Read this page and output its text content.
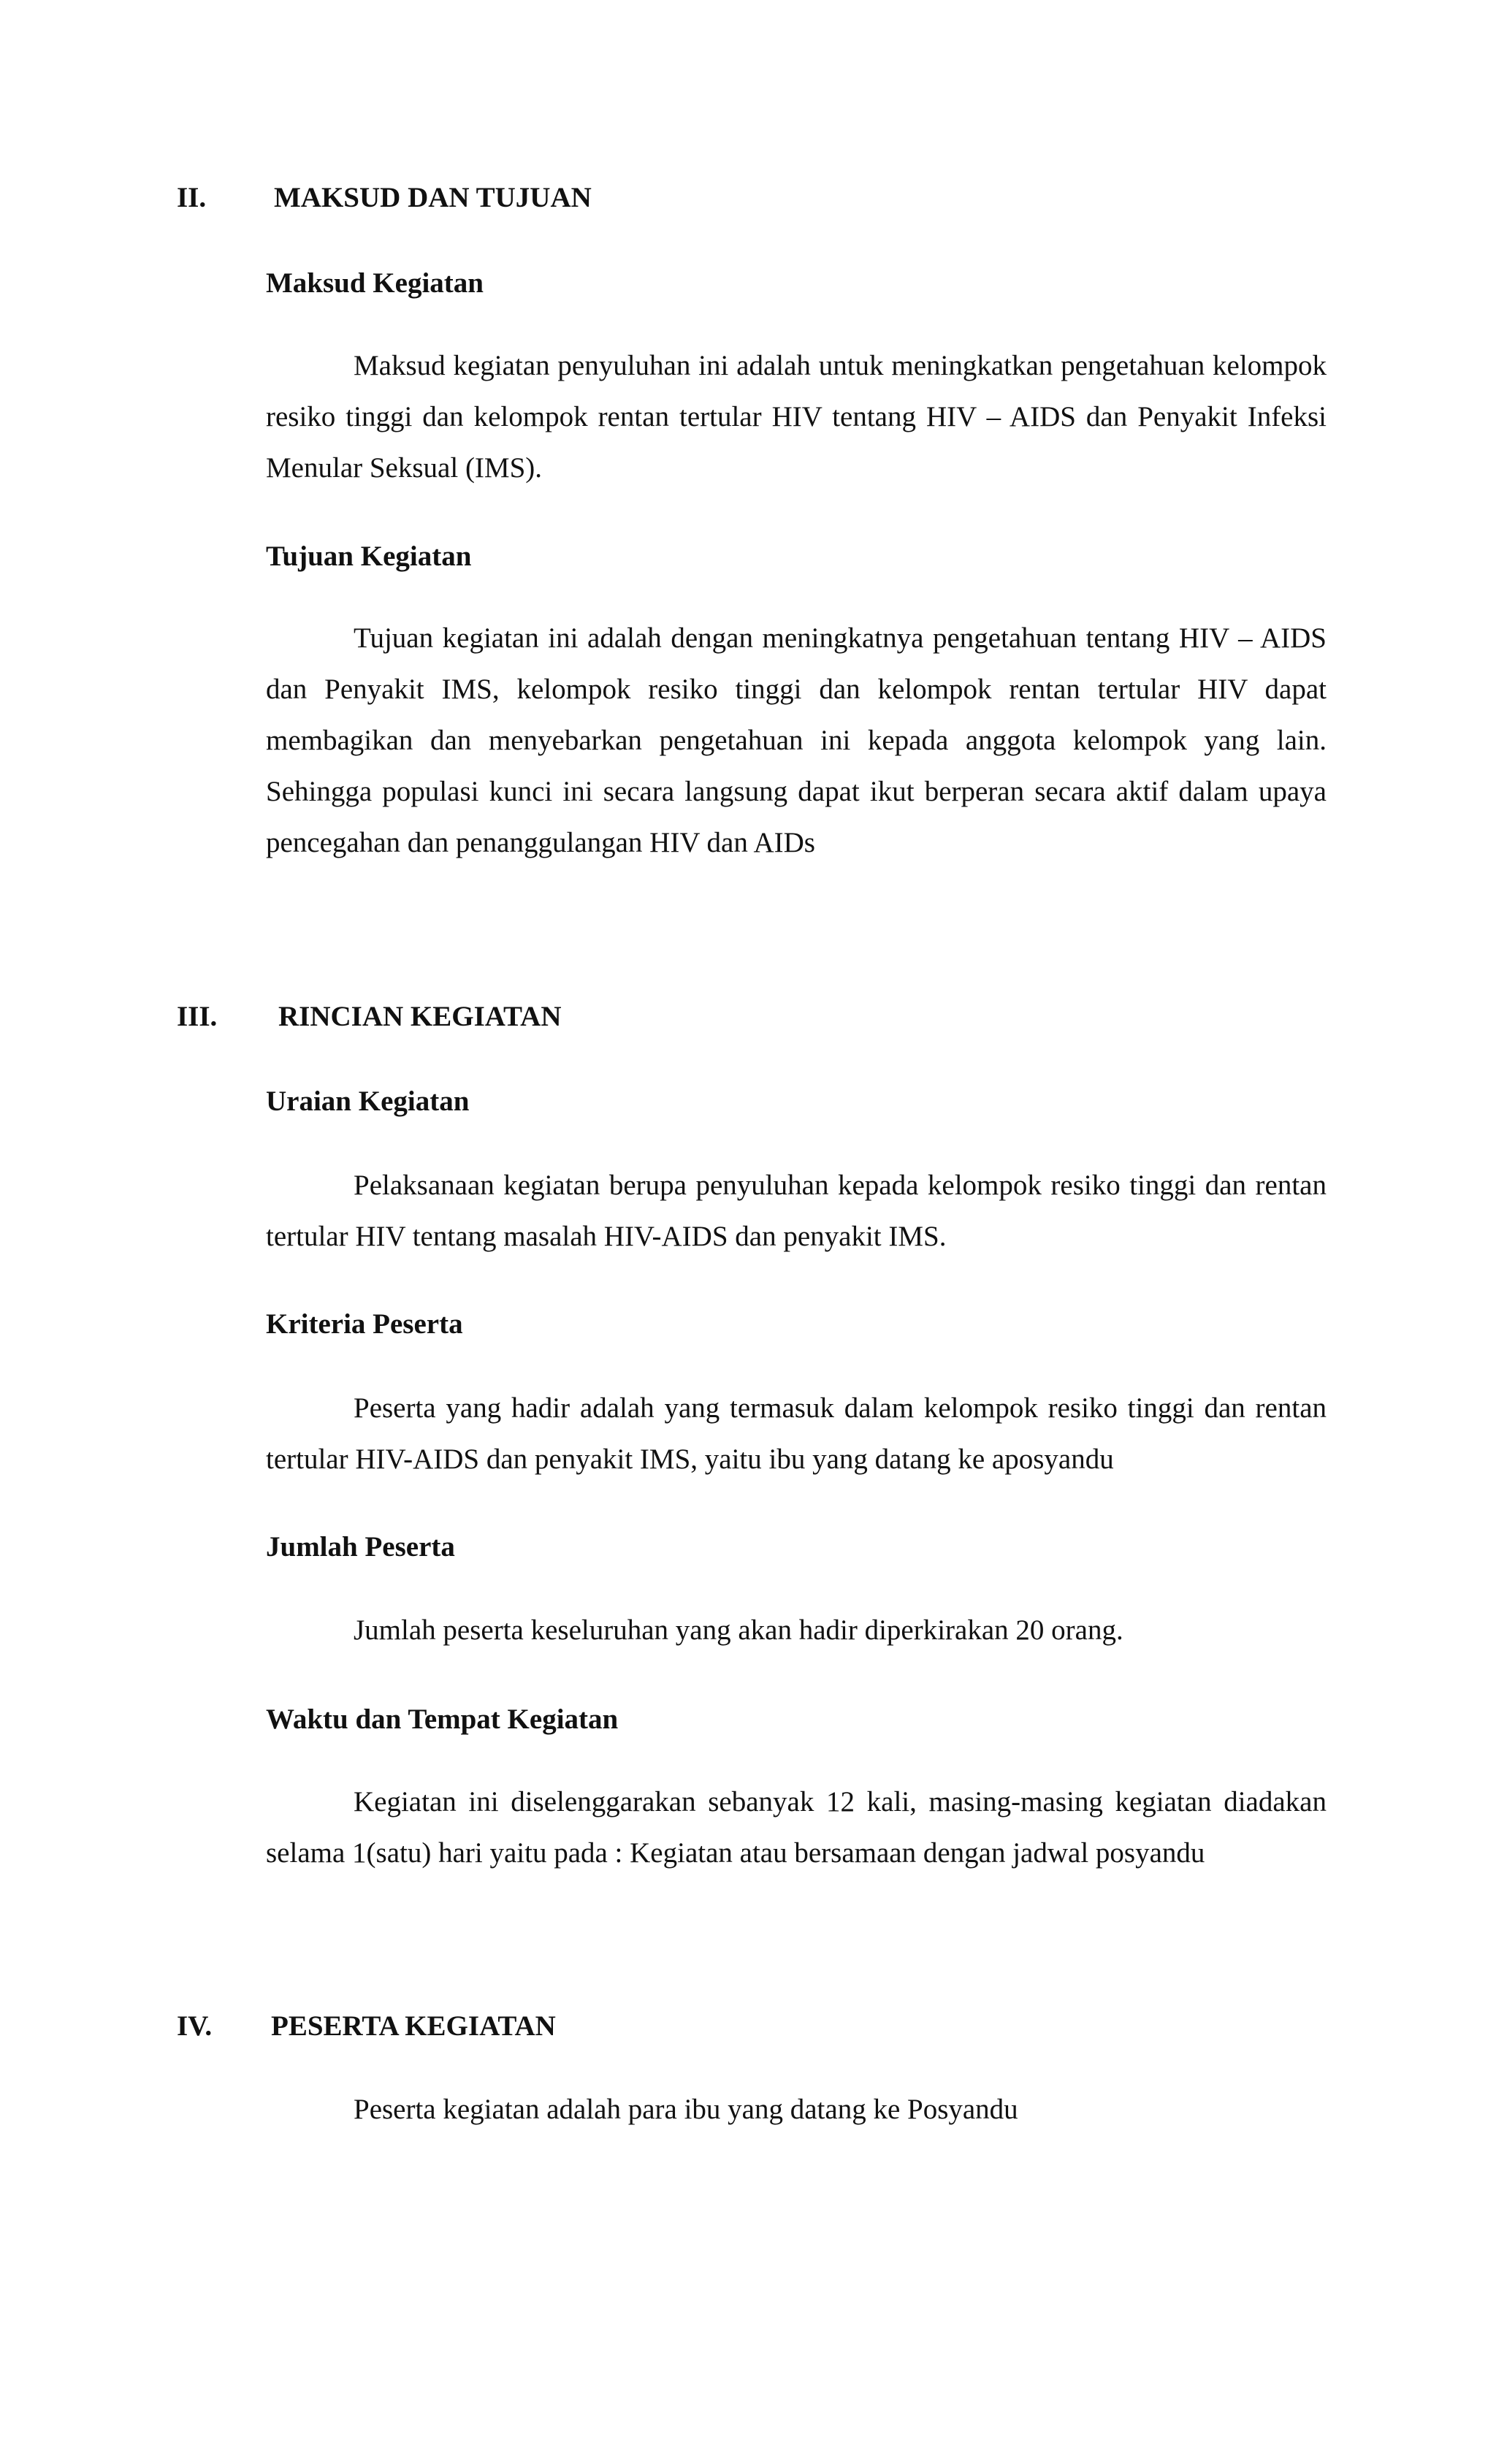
II. MAKSUD DAN TUJUAN
Maksud Kegiatan

Maksud kegiatan penyuluhan ini adalah untuk meningkatkan pengetahuan kelompok resiko tinggi dan kelompok rentan tertular HIV tentang HIV – AIDS dan Penyakit Infeksi Menular Seksual (IMS).

Tujuan Kegiatan

Tujuan kegiatan ini adalah dengan meningkatnya pengetahuan tentang HIV – AIDS dan Penyakit IMS, kelompok resiko tinggi dan kelompok rentan tertular HIV dapat membagikan dan menyebarkan pengetahuan ini kepada anggota kelompok yang lain. Sehingga populasi kunci ini secara langsung dapat ikut berperan secara aktif dalam upaya pencegahan dan penanggulangan HIV dan AIDs

III. RINCIAN KEGIATAN
Uraian Kegiatan

Pelaksanaan kegiatan berupa penyuluhan kepada kelompok resiko tinggi dan rentan tertular HIV tentang masalah HIV-AIDS dan penyakit IMS.

Kriteria Peserta

Peserta yang hadir adalah yang termasuk dalam kelompok resiko tinggi dan rentan tertular HIV-AIDS dan penyakit IMS, yaitu ibu yang datang ke aposyandu

Jumlah Peserta

Jumlah peserta keseluruhan yang akan hadir diperkirakan 20 orang.

Waktu dan Tempat Kegiatan

Kegiatan ini diselenggarakan sebanyak 12 kali, masing-masing kegiatan diadakan selama 1(satu) hari yaitu pada : Kegiatan atau bersamaan dengan jadwal posyandu

IV. PESERTA KEGIATAN

Peserta kegiatan adalah para ibu yang datang ke Posyandu
